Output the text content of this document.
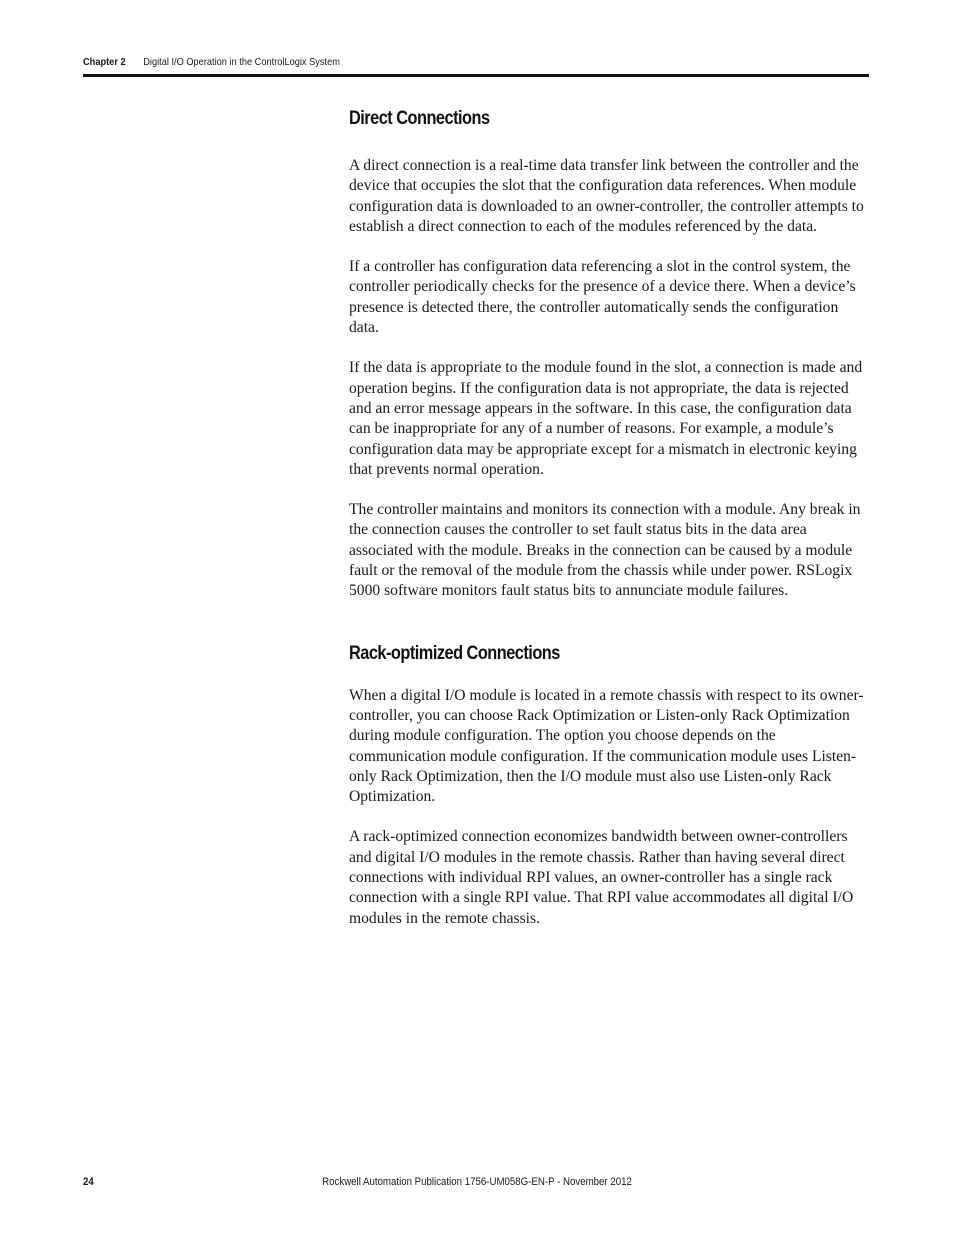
Chapter 2 Digital I/O Operation in the ControlLogix System
Direct Connections

A direct connection is a real-time data transfer link between the controller and the device that occupies the slot that the configuration data references. When module configuration data is downloaded to an owner-controller, the controller attempts to establish a direct connection to each of the modules referenced by the data.

If a controller has configuration data referencing a slot in the control system, the controller periodically checks for the presence of a device there. When a device’s presence is detected there, the controller automatically sends the configuration data.

If the data is appropriate to the module found in the slot, a connection is made and operation begins. If the configuration data is not appropriate, the data is rejected and an error message appears in the software. In this case, the configuration data can be inappropriate for any of a number of reasons. For example, a module’s configuration data may be appropriate except for a mismatch in electronic keying that prevents normal operation.

The controller maintains and monitors its connection with a module. Any break in the connection causes the controller to set fault status bits in the data area associated with the module. Breaks in the connection can be caused by a module fault or the removal of the module from the chassis while under power. RSLogix 5000 software monitors fault status bits to annunciate module failures.

Rack-optimized Connections

When a digital I/O module is located in a remote chassis with respect to its owner-controller, you can choose Rack Optimization or Listen-only Rack Optimization during module configuration. The option you choose depends on the communication module configuration. If the communication module uses Listen-only Rack Optimization, then the I/O module must also use Listen-only Rack Optimization.

A rack-optimized connection economizes bandwidth between owner-controllers and digital I/O modules in the remote chassis. Rather than having several direct connections with individual RPI values, an owner-controller has a single rack connection with a single RPI value. That RPI value accommodates all digital I/O modules in the remote chassis.

24	Rockwell Automation Publication 1756-UM058G-EN-P - November 2012
